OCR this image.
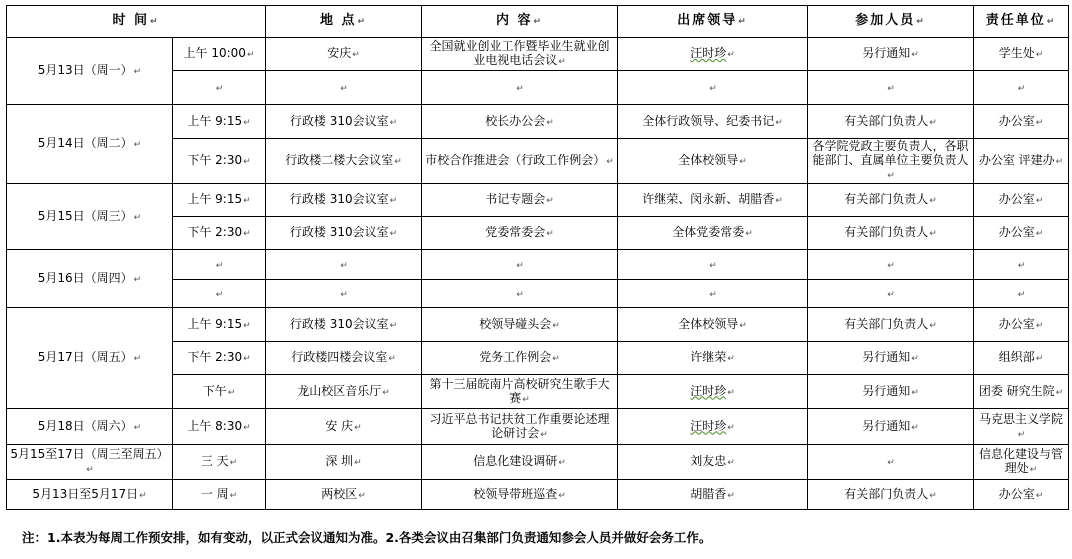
时 间↵		地 点↵	内 容↵	出席领导↵	参加人员↵	责任单位↵
5月13日（周一）↵	上午 10:00↵	安庆↵	全国就业创业工作暨毕业生就业创业电视电话会议↵	汪时珍↵	另行通知↵	学生处↵
	↵	↵	↵	↵	↵	↵
5月14日（周二）↵	上午 9:15↵	行政楼 310会议室↵	校长办公会↵	全体行政领导、纪委书记↵	有关部门负责人↵	办公室↵
	下午 2:30↵	行政楼二楼大会议室↵	市校合作推进会（行政工作例会）↵	全体校领导↵	各学院党政主要负责人，各职能部门、直属单位主要负责人↵	办公室 评建办↵
5月15日（周三）↵	上午 9:15↵	行政楼 310会议室↵	书记专题会↵	许继荣、闵永新、胡腊香↵	有关部门负责人↵	办公室↵
	下午 2:30↵	行政楼 310会议室↵	党委常委会↵	全体党委常委↵	有关部门负责人↵	办公室↵
5月16日（周四）↵	↵	↵	↵	↵	↵	↵
	↵	↵	↵	↵	↵	↵
5月17日（周五）↵	上午 9:15↵	行政楼 310会议室↵	校领导碰头会↵	全体校领导↵	有关部门负责人↵	办公室↵
	下午 2:30↵	行政楼四楼会议室↵	党务工作例会↵	许继荣↵	另行通知↵	组织部↵
	下午↵	龙山校区音乐厅↵	第十三届皖南片高校研究生歌手大赛↵	汪时珍↵	另行通知↵	团委 研究生院↵
5月18日（周六）↵	上午 8:30↵	安 庆↵	习近平总书记扶贫工作重要论述理论研讨会↵	汪时珍↵	另行通知↵	马克思主义学院↵
5月15至17日（周三至周五）↵	三 天↵	深 圳↵	信息化建设调研↵	刘友忠↵	↵	信息化建设与管理处↵
5月13日至5月17日↵	一 周↵	两校区↵	校领导带班巡查↵	胡腊香↵	有关部门负责人↵	办公室↵
注：1.本表为每周工作预安排，如有变动，以正式会议通知为准。2.各类会议由召集部门负责通知参会人员并做好会务工作。
